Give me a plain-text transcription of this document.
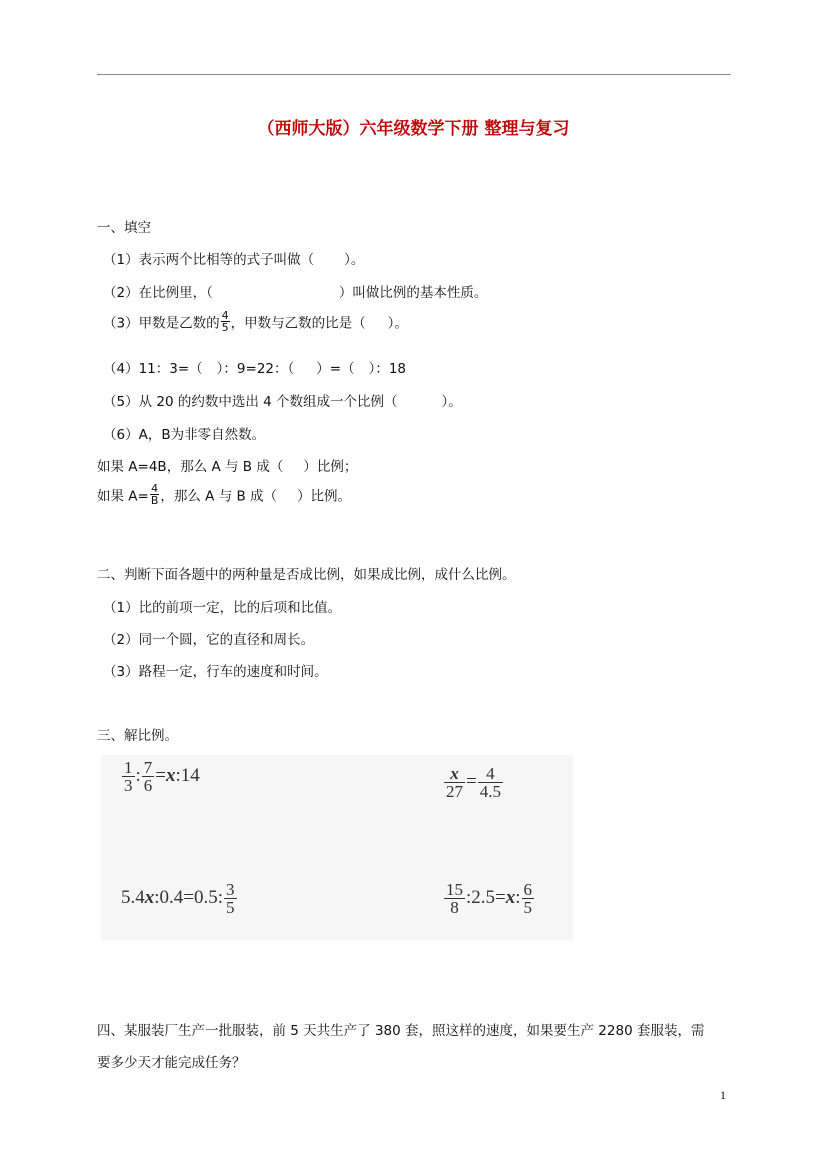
（西师大版）六年级数学下册 整理与复习
一、填空
（1）表示两个比相等的式子叫做（ ）。
（2）在比例里，（	）叫做比例的基本性质。
（3）甲数是乙数的 $\frac{4}{5}$ ，甲数与乙数的比是（ ）。
（4）11：3=（ ）：9=22：（ ）=（ ）：18
（5）从 20 的约数中选出 4 个数组成一个比例（	）。
（6）A，B为非零自然数。
如果 A=4B，那么 A 与 B 成（ ）比例；
如果 $A= \frac{4}{B}$ ，那么 A 与 B 成（ ）比例。
二、判断下面各题中的两种量是否成比例，如果成比例，成什么比例。
（1）比的前项一定，比的后项和比值。
（2）同一个圆，它的直径和周长。
（3）路程一定，行车的速度和时间。
三、解比例。
$\frac{1}{3}$ : $\frac{7}{6}$ =x:14	$\frac{x}{27} = \frac{4}{4.5}$
5.4x:0.4=0.5: $\frac{3}{5}$	$\frac{15}{8}$ :2.5=x: $\frac{6}{5}$
四、某服装厂生产一批服装，前 5 天共生产了 380 套，照这样的速度，如果要生产 2280 套服装，需
要多少天才能完成任务？
1
